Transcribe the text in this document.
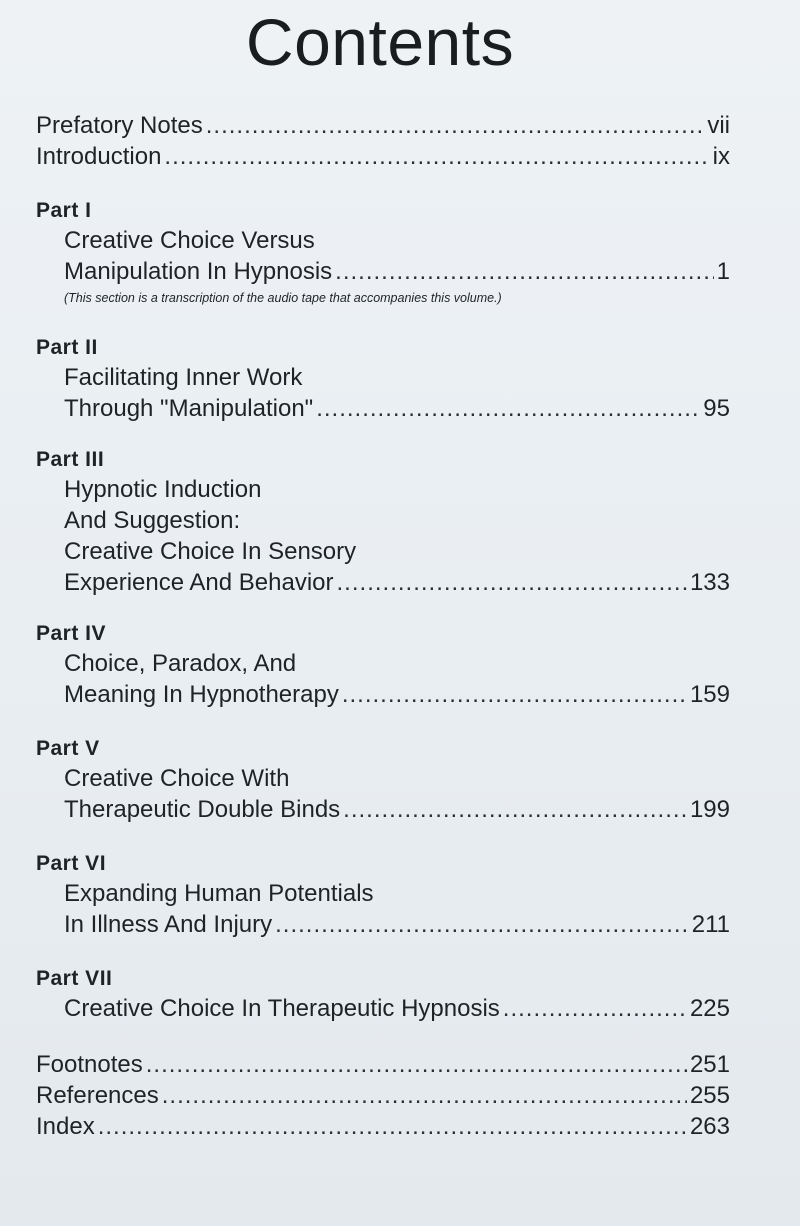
Contents
Prefatory Notes .....	vii
Introduction .....	ix
Part I
Creative Choice Versus
Manipulation In Hypnosis .....	1
(This section is a transcription of the audio tape that accompanies this volume.)
Part II
Facilitating Inner Work
Through "Manipulation" .....	95
Part III
Hypnotic Induction
And Suggestion:
Creative Choice In Sensory
Experience And Behavior .....	133
Part IV
Choice, Paradox, And
Meaning In Hypnotherapy .....	159
Part V
Creative Choice With
Therapeutic Double Binds .....	199
Part VI
Expanding Human Potentials
In Illness And Injury .....	211
Part VII
Creative Choice In Therapeutic Hypnosis .....	225
Footnotes .....	251
References .....	255
Index .....	263
